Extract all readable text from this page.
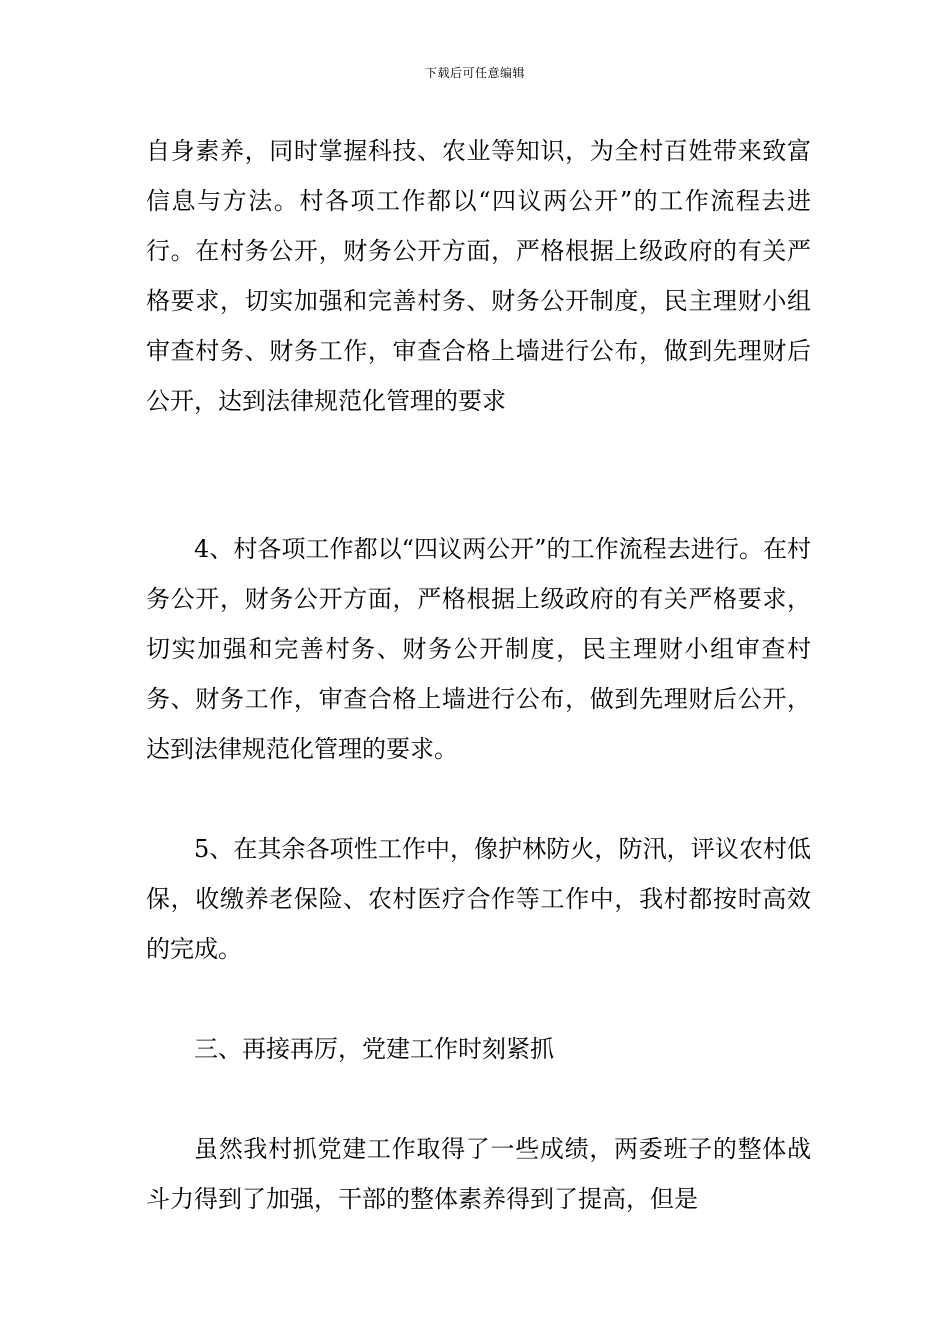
下载后可任意编辑

自身素养，同时掌握科技、农业等知识，为全村百姓带来致富信息与方法。村各项工作都以“四议两公开”的工作流程去进行。在村务公开，财务公开方面，严格根据上级政府的有关严格要求，切实加强和完善村务、财务公开制度，民主理财小组审查村务、财务工作，审查合格上墙进行公布，做到先理财后公开，达到法律规范化管理的要求

4、村各项工作都以“四议两公开”的工作流程去进行。在村务公开，财务公开方面，严格根据上级政府的有关严格要求，切实加强和完善村务、财务公开制度，民主理财小组审查村务、财务工作，审查合格上墙进行公布，做到先理财后公开，达到法律规范化管理的要求。

5、在其余各项性工作中，像护林防火，防汛，评议农村低保，收缴养老保险、农村医疗合作等工作中，我村都按时高效的完成。

三、再接再厉，党建工作时刻紧抓

虽然我村抓党建工作取得了一些成绩，两委班子的整体战斗力得到了加强，干部的整体素养得到了提高，但是
